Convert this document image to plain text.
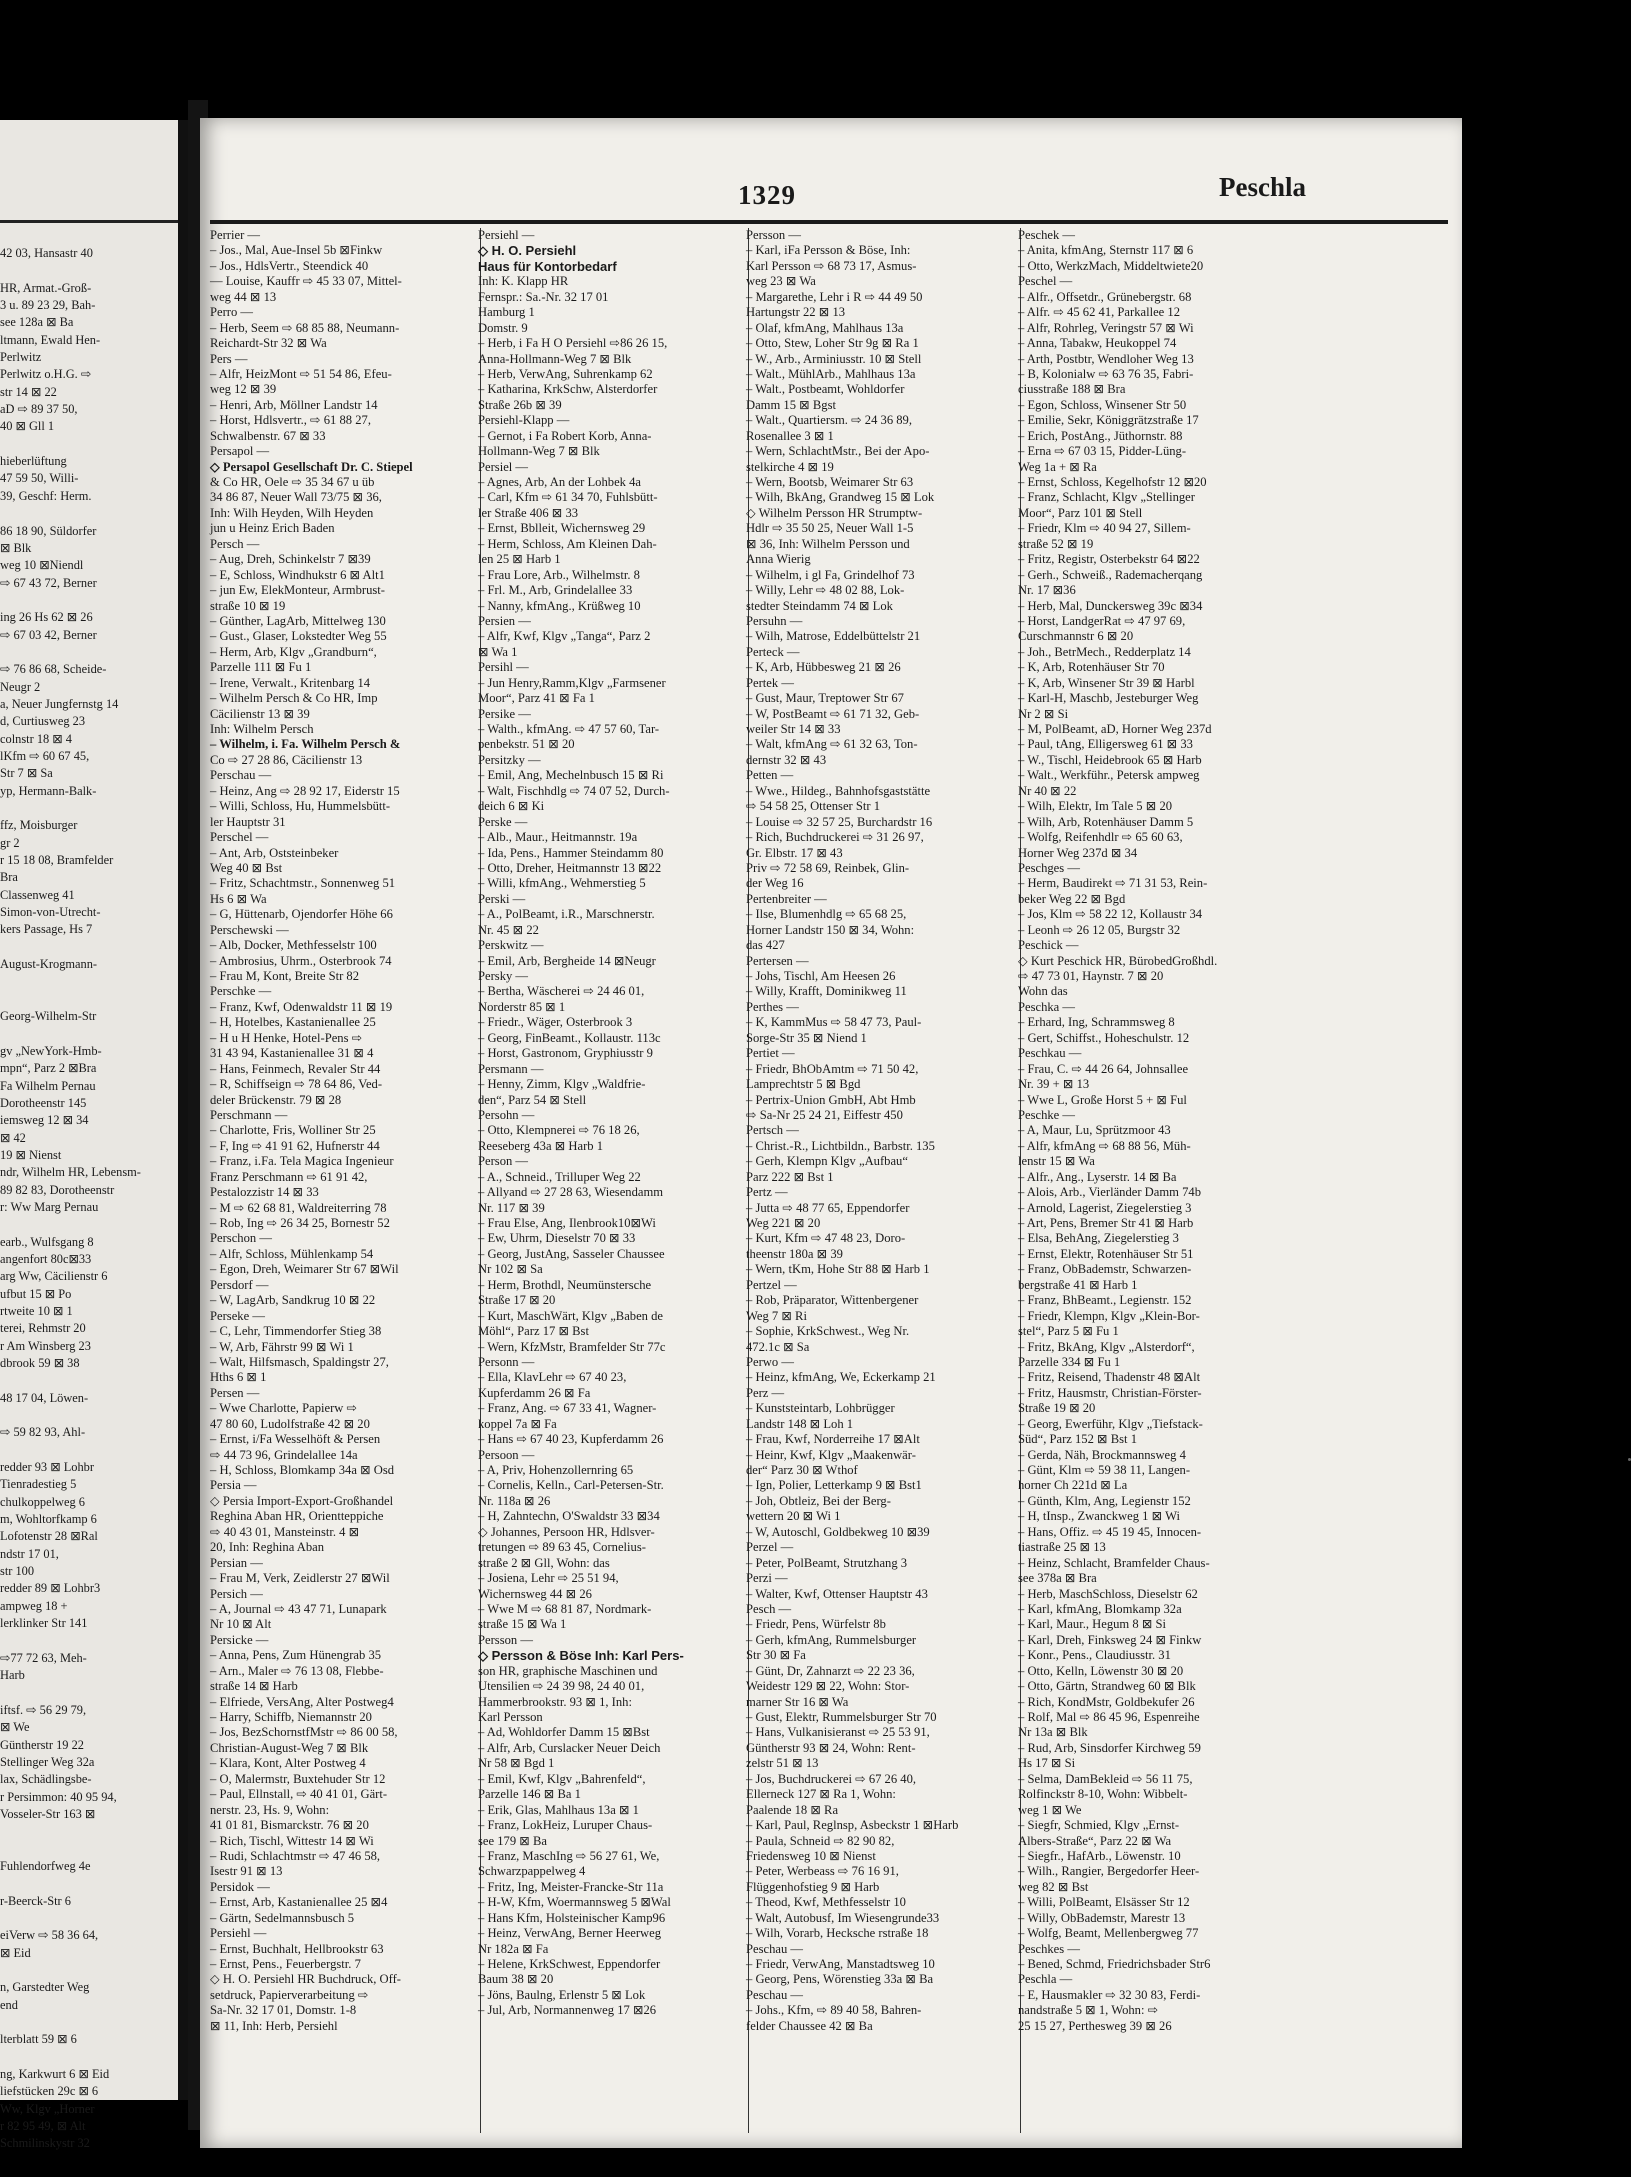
42 03, Hansastr 40
HR, Armat.-Groß-
3 u. 89 23 29, Bah-
see 128a ⊠ Ba
ltmann, Ewald Hen-
Perlwitz
Perlwitz o.H.G. ⇨
str 14 ⊠ 22
aD ⇨ 89 37 50,
40 ⊠ Gll 1
hieberlüftung
47 59 50, Willi-
39, Geschf: Herm.
86 18 90, Süldorfer
⊠ Blk
weg 10 ⊠Niendl
⇨ 67 43 72, Berner
ing 26 Hs 62 ⊠ 26
⇨ 67 03 42, Berner
⇨ 76 86 68, Scheide-
Neugr 2
a, Neuer Jungfernstg 14
d, Curtiusweg 23
colnstr 18 ⊠ 4
lKfm ⇨ 60 67 45,
Str 7 ⊠ Sa
yp, Hermann-Balk-
ffz, Moisburger
gr 2
r 15 18 08, Bramfelder
Bra
Classenweg 41
Simon-von-Utrecht-
kers Passage, Hs 7
August-Krogmann-
Georg-Wilhelm-Str
gv „NewYork-Hmb-
mpn“, Parz 2 ⊠Bra
Fa Wilhelm Pernau
Dorotheenstr 145
iemsweg 12 ⊠ 34
⊠ 42
19 ⊠ Nienst
ndr, Wilhelm HR, Lebensm-
89 82 83, Dorotheenstr
r: Ww Marg Pernau
earb., Wulfsgang 8
angenfort 80c⊠33
arg Ww, Cäcilienstr 6
ufbut 15 ⊠ Po
rtweite 10 ⊠ 1
terei, Rehmstr 20
r Am Winsberg 23
dbrook 59 ⊠ 38
48 17 04, Löwen-
⇨ 59 82 93, Ahl-
redder 93 ⊠ Lohbr
Tienradestieg 5
chulkoppelweg 6
m, Wohltorfkamp 6
Lofotenstr 28 ⊠Ral
ndstr 17 01,
str 100
redder 89 ⊠ Lohbr3
ampweg 18 +
lerklinker Str 141
⇨77 72 63, Meh-
Harb
iftsf. ⇨ 56 29 79,
⊠ We
Güntherstr 19 22
Stellinger Weg 32a
lax, Schädlingsbe-
r Persimmon: 40 95 94,
Vosseler-Str 163 ⊠
Fuhlendorfweg 4e
r-Beerck-Str 6
eiVerw ⇨ 58 36 64,
⊠ Eid
n, Garstedter Weg
end
lterblatt 59 ⊠ 6
ng, Karkwurt 6 ⊠ Eid
liefstücken 29c ⊠ 6
Ww, Klgv „Horner
r 82 95 49, ⊠ Alt
Schmilinskystr 32
1329	Peschla
Perrier —
– Jos., Mal, Aue-Insel 5b ⊠Finkw
– Jos., HdlsVertr., Steendick 40
— Louise, Kauffr ⇨ 45 33 07, Mittel-
weg 44 ⊠ 13
Perro —
– Herb, Seem ⇨ 68 85 88, Neumann-
Reichardt-Str 32 ⊠ Wa
Pers —
– Alfr, HeizMont ⇨ 51 54 86, Efeu-
weg 12 ⊠ 39
– Henri, Arb, Möllner Landstr 14
– Horst, Hdlsvertr., ⇨ 61 88 27,
Schwalbenstr. 67 ⊠ 33
Persapol —
◇ Persapol Gesellschaft Dr. C. Stiepel
& Co HR, Oele ⇨ 35 34 67 u üb
34 86 87, Neuer Wall 73/75 ⊠ 36,
Inh: Wilh Heyden, Wilh Heyden
jun u Heinz Erich Baden
Persch —
– Aug, Dreh, Schinkelstr 7 ⊠39
– E, Schloss, Windhukstr 6 ⊠ Alt1
– jun Ew, ElekMonteur, Armbrust-
straße 10 ⊠ 19
– Günther, LagArb, Mittelweg 130
– Gust., Glaser, Lokstedter Weg 55
– Herm, Arb, Klgv „Grandburn“,
Parzelle 111 ⊠ Fu 1
– Irene, Verwalt., Kritenbarg 14
– Wilhelm Persch & Co HR, Imp
Cäcilienstr 13 ⊠ 39
Inh: Wilhelm Persch
– Wilhelm, i. Fa. Wilhelm Persch &
Co ⇨ 27 28 86, Cäcilienstr 13
Perschau —
– Heinz, Ang ⇨ 28 92 17, Eiderstr 15
– Willi, Schloss, Hu, Hummelsbütt-
ler Hauptstr 31
Perschel —
– Ant, Arb, Oststeinbeker
Weg 40 ⊠ Bst
– Fritz, Schachtmstr., Sonnenweg 51
Hs 6 ⊠ Wa
– G, Hüttenarb, Ojendorfer Höhe 66
Perschewski —
– Alb, Docker, Methfesselstr 100
– Ambrosius, Uhrm., Osterbrook 74
– Frau M, Kont, Breite Str 82
Perschke —
– Franz, Kwf, Odenwaldstr 11 ⊠ 19
– H, Hotelbes, Kastanienallee 25
– H u H Henke, Hotel-Pens ⇨
31 43 94, Kastanienallee 31 ⊠ 4
– Hans, Feinmech, Revaler Str 44
– R, Schiffseign ⇨ 78 64 86, Ved-
deler Brückenstr. 79 ⊠ 28
Perschmann —
– Charlotte, Fris, Wolliner Str 25
– F, Ing ⇨ 41 91 62, Hufnerstr 44
– Franz, i.Fa. Tela Magica Ingenieur
Franz Perschmann ⇨ 61 91 42,
Pestalozzistr 14 ⊠ 33
– M ⇨ 62 68 81, Waldreiterring 78
– Rob, Ing ⇨ 26 34 25, Bornestr 52
Perschon —
– Alfr, Schloss, Mühlenkamp 54
– Egon, Dreh, Weimarer Str 67 ⊠Wil
Persdorf —
– W, LagArb, Sandkrug 10 ⊠ 22
Perseke —
– C, Lehr, Timmendorfer Stieg 38
– W, Arb, Fährstr 99 ⊠ Wi 1
– Walt, Hilfsmasch, Spaldingstr 27,
Hths 6 ⊠ 1
Persen —
– Wwe Charlotte, Papierw ⇨
47 80 60, Ludolfstraße 42 ⊠ 20
– Ernst, i/Fa Wesselhöft & Persen
⇨ 44 73 96, Grindelallee 14a
– H, Schloss, Blomkamp 34a ⊠ Osd
Persia —
◇ Persia Import-Export-Großhandel
Reghina Aban HR, Orientteppiche
⇨ 40 43 01, Mansteinstr. 4 ⊠
20, Inh: Reghina Aban
Persian —
– Frau M, Verk, Zeidlerstr 27 ⊠Wil
Persich —
– A, Journal ⇨ 43 47 71, Lunapark
Nr 10 ⊠ Alt
Persicke —
– Anna, Pens, Zum Hünengrab 35
– Arn., Maler ⇨ 76 13 08, Flebbe-
straße 14 ⊠ Harb
– Elfriede, VersAng, Alter Postweg4
– Harry, Schiffb, Niemannstr 20
– Jos, BezSchornstfMstr ⇨ 86 00 58,
Christian-August-Weg 7 ⊠ Blk
– Klara, Kont, Alter Postweg 4
– O, Malermstr, Buxtehuder Str 12
– Paul, Ellnstall, ⇨ 40 41 01, Gärt-
nerstr. 23, Hs. 9, Wohn:
41 01 81, Bismarckstr. 76 ⊠ 20
– Rich, Tischl, Wittestr 14 ⊠ Wi
– Rudi, Schlachtmstr ⇨ 47 46 58,
Isestr 91 ⊠ 13
Persidok —
– Ernst, Arb, Kastanienallee 25 ⊠4
– Gärtn, Sedelmannsbusch 5
Persiehl —
– Ernst, Buchhalt, Hellbrookstr 63
– Ernst, Pens., Feuerbergstr. 7
◇ H. O. Persiehl HR Buchdruck, Off-
setdruck, Papierverarbeitung ⇨
Sa-Nr. 32 17 01, Domstr. 1-8
⊠ 11, Inh: Herb, Persiehl
Persiehl —
◇ H. O. Persiehl
Haus für Kontorbedarf
Inh: K. Klapp HR
Fernspr.: Sa.-Nr. 32 17 01
Hamburg 1
Domstr. 9
– Herb, i Fa H O Persiehl ⇨86 26 15,
Anna-Hollmann-Weg 7 ⊠ Blk
– Herb, VerwAng, Suhrenkamp 62
– Katharina, KrkSchw, Alsterdorfer
Straße 26b ⊠ 39
Persiehl-Klapp —
– Gernot, i Fa Robert Korb, Anna-
Hollmann-Weg 7 ⊠ Blk
Persiel —
– Agnes, Arb, An der Lohbek 4a
– Carl, Kfm ⇨ 61 34 70, Fuhlsbütt-
ler Straße 406 ⊠ 33
– Ernst, Bblleit, Wichernsweg 29
– Herm, Schloss, Am Kleinen Dah-
len 25 ⊠ Harb 1
– Frau Lore, Arb., Wilhelmstr. 8
– Frl. M., Arb, Grindelallee 33
– Nanny, kfmAng., Krüßweg 10
Persien —
– Alfr, Kwf, Klgv „Tanga“, Parz 2
⊠ Wa 1
Persihl —
– Jun Henry,Ramm,Klgv „Farmsener
Moor“, Parz 41 ⊠ Fa 1
Persike —
– Walth., kfmAng. ⇨ 47 57 60, Tar-
penbekstr. 51 ⊠ 20
Persitzky —
– Emil, Ang, Mechelnbusch 15 ⊠ Ri
– Walt, Fischhdlg ⇨ 74 07 52, Durch-
deich 6 ⊠ Ki
Perske —
– Alb., Maur., Heitmannstr. 19a
– Ida, Pens., Hammer Steindamm 80
– Otto, Dreher, Heitmannstr 13 ⊠22
– Willi, kfmAng., Wehmerstieg 5
Perski —
– A., PolBeamt, i.R., Marschnerstr.
Nr. 45 ⊠ 22
Perskwitz —
– Emil, Arb, Bergheide 14 ⊠Neugr
Persky —
– Bertha, Wäscherei ⇨ 24 46 01,
Norderstr 85 ⊠ 1
– Friedr., Wäger, Osterbrook 3
– Georg, FinBeamt., Kollaustr. 113c
– Horst, Gastronom, Gryphiusstr 9
Persmann —
– Henny, Zimm, Klgv „Waldfrie-
den“, Parz 54 ⊠ Stell
Persohn —
– Otto, Klempnerei ⇨ 76 18 26,
Reeseberg 43a ⊠ Harb 1
Person —
– A., Schneid., Trilluper Weg 22
– Allyand ⇨ 27 28 63, Wiesendamm
Nr. 117 ⊠ 39
– Frau Else, Ang, Ilenbrook10⊠Wi
– Ew, Uhrm, Dieselstr 70 ⊠ 33
– Georg, JustAng, Sasseler Chaussee
Nr 102 ⊠ Sa
– Herm, Brothdl, Neumünstersche
Straße 17 ⊠ 20
– Kurt, MaschWärt, Klgv „Baben de
Möhl“, Parz 17 ⊠ Bst
– Wern, KfzMstr, Bramfelder Str 77c
Personn —
– Ella, KlavLehr ⇨ 67 40 23,
Kupferdamm 26 ⊠ Fa
– Franz, Ang. ⇨ 67 33 41, Wagner-
koppel 7a ⊠ Fa
– Hans ⇨ 67 40 23, Kupferdamm 26
Persoon —
– A, Priv, Hohenzollernring 65
– Cornelis, Kelln., Carl-Petersen-Str.
Nr. 118a ⊠ 26
– H, Zahntechn, O'Swaldstr 33 ⊠34
◇ Johannes, Persoon HR, Hdlsver-
tretungen ⇨ 89 63 45, Cornelius-
straße 2 ⊠ Gll, Wohn: das
– Josiena, Lehr ⇨ 25 51 94,
Wichernsweg 44 ⊠ 26
– Wwe M ⇨ 68 81 87, Nordmark-
straße 15 ⊠ Wa 1
Persson —
◇ Persson & Böse Inh: Karl Pers-
son HR, graphische Maschinen und
Utensilien ⇨ 24 39 98, 24 40 01,
Hammerbrookstr. 93 ⊠ 1, Inh:
Karl Persson
– Ad, Wohldorfer Damm 15 ⊠Bst
– Alfr, Arb, Curslacker Neuer Deich
Nr 58 ⊠ Bgd 1
– Emil, Kwf, Klgv „Bahrenfeld“,
Parzelle 146 ⊠ Ba 1
– Erik, Glas, Mahlhaus 13a ⊠ 1
– Franz, LokHeiz, Luruper Chaus-
see 179 ⊠ Ba
– Franz, MaschIng ⇨ 56 27 61, We,
Schwarzpappelweg 4
– Fritz, Ing, Meister-Francke-Str 11a
– H-W, Kfm, Woermannsweg 5 ⊠Wal
– Hans Kfm, Holsteinischer Kamp96
– Heinz, VerwAng, Berner Heerweg
Nr 182a ⊠ Fa
– Helene, KrkSchwest, Eppendorfer
Baum 38 ⊠ 20
– Jöns, Baulng, Erlenstr 5 ⊠ Lok
– Jul, Arb, Normannenweg 17 ⊠26
Persson —
– Karl, iFa Persson & Böse, Inh:
Karl Persson ⇨ 68 73 17, Asmus-
weg 23 ⊠ Wa
– Margarethe, Lehr i R ⇨ 44 49 50
Hartungstr 22 ⊠ 13
– Olaf, kfmAng, Mahlhaus 13a
– Otto, Stew, Loher Str 9g ⊠ Ra 1
– W., Arb., Arminiusstr. 10 ⊠ Stell
– Walt., MühlArb., Mahlhaus 13a
– Walt., Postbeamt, Wohldorfer
Damm 15 ⊠ Bgst
– Walt., Quartiersm. ⇨ 24 36 89,
Rosenallee 3 ⊠ 1
– Wern, SchlachtMstr., Bei der Apo-
stelkirche 4 ⊠ 19
– Wern, Bootsb, Weimarer Str 63
– Wilh, BkAng, Grandweg 15 ⊠ Lok
◇ Wilhelm Persson HR Strumptw-
Hdlr ⇨ 35 50 25, Neuer Wall 1-5
⊠ 36, Inh: Wilhelm Persson und
Anna Wierig
– Wilhelm, i gl Fa, Grindelhof 73
– Willy, Lehr ⇨ 48 02 88, Lok-
stedter Steindamm 74 ⊠ Lok
Persuhn —
– Wilh, Matrose, Eddelbüttelstr 21
Perteck —
– K, Arb, Hübbesweg 21 ⊠ 26
Pertek —
– Gust, Maur, Treptower Str 67
– W, PostBeamt ⇨ 61 71 32, Geb-
weiler Str 14 ⊠ 33
– Walt, kfmAng ⇨ 61 32 63, Ton-
dernstr 32 ⊠ 43
Petten —
– Wwe., Hildeg., Bahnhofsgaststätte
⇨ 54 58 25, Ottenser Str 1
– Louise ⇨ 32 57 25, Burchardstr 16
– Rich, Buchdruckerei ⇨ 31 26 97,
Gr. Elbstr. 17 ⊠ 43
Priv ⇨ 72 58 69, Reinbek, Glin-
der Weg 16
Pertenbreiter —
– Ilse, Blumenhdlg ⇨ 65 68 25,
Horner Landstr 150 ⊠ 34, Wohn:
das 427
Pertersen —
– Johs, Tischl, Am Heesen 26
– Willy, Krafft, Dominikweg 11
Perthes —
– K, KammMus ⇨ 58 47 73, Paul-
Sorge-Str 35 ⊠ Niend 1
Pertiet —
– Friedr, BhObAmtm ⇨ 71 50 42,
Lamprechtstr 5 ⊠ Bgd
– Pertrix-Union GmbH, Abt Hmb
⇨ Sa-Nr 25 24 21, Eiffestr 450
Pertsch —
– Christ.-R., Lichtbildn., Barbstr. 135
– Gerh, Klempn Klgv „Aufbau“
Parz 222 ⊠ Bst 1
Pertz —
– Jutta ⇨ 48 77 65, Eppendorfer
Weg 221 ⊠ 20
– Kurt, Kfm ⇨ 47 48 23, Doro-
theenstr 180a ⊠ 39
– Wern, tKm, Hohe Str 88 ⊠ Harb 1
Pertzel —
– Rob, Präparator, Wittenbergener
Weg 7 ⊠ Ri
– Sophie, KrkSchwest., Weg Nr.
472.1c ⊠ Sa
Perwo —
– Heinz, kfmAng, We, Eckerkamp 21
Perz —
– Kunststeintarb, Lohbrügger
Landstr 148 ⊠ Loh 1
– Frau, Kwf, Norderreihe 17 ⊠Alt
– Heinr, Kwf, Klgv „Maakenwär-
der“ Parz 30 ⊠ Wthof
– Ign, Polier, Letterkamp 9 ⊠ Bst1
– Joh, Obtleiz, Bei der Berg-
wettern 20 ⊠ Wi 1
– W, Autoschl, Goldbekweg 10 ⊠39
Perzel —
– Peter, PolBeamt, Strutzhang 3
Perzi —
– Walter, Kwf, Ottenser Hauptstr 43
Pesch —
– Friedr, Pens, Würfelstr 8b
– Gerh, kfmAng, Rummelsburger
Str 30 ⊠ Fa
– Günt, Dr, Zahnarzt ⇨ 22 23 36,
Weidestr 129 ⊠ 22, Wohn: Stor-
marner Str 16 ⊠ Wa
– Gust, Elektr, Rummelsburger Str 70
– Hans, Vulkanisieranst ⇨ 25 53 91,
Güntherstr 93 ⊠ 24, Wohn: Rent-
zelstr 51 ⊠ 13
– Jos, Buchdruckerei ⇨ 67 26 40,
Ellerneck 127 ⊠ Ra 1, Wohn:
Paalende 18 ⊠ Ra
– Karl, Paul, Reglnsp, Asbeckstr 1 ⊠Harb
– Paula, Schneid ⇨ 82 90 82,
Friedensweg 10 ⊠ Nienst
– Peter, Werbeass ⇨ 76 16 91,
Flüggenhofstieg 9 ⊠ Harb
– Theod, Kwf, Methfesselstr 10
– Walt, Autobusf, Im Wiesengrunde33
– Wilh, Vorarb, Hecksche rstraße 18
Peschau —
– Friedr, VerwAng, Manstadtsweg 10
– Georg, Pens, Wörenstieg 33a ⊠ Ba
Peschau —
– Johs., Kfm, ⇨ 89 40 58, Bahren-
felder Chaussee 42 ⊠ Ba
Peschek —
– Anita, kfmAng, Sternstr 117 ⊠ 6
– Otto, WerkzMach, Middeltwiete20
Peschel —
– Alfr., Offsetdr., Grünebergstr. 68
– Alfr. ⇨ 45 62 41, Parkallee 12
– Alfr, Rohrleg, Veringstr 57 ⊠ Wi
– Anna, Tabakw, Heukoppel 74
– Arth, Postbtr, Wendloher Weg 13
– B, Kolonialw ⇨ 63 76 35, Fabri-
ciusstraße 188 ⊠ Bra
– Egon, Schloss, Winsener Str 50
– Emilie, Sekr, Königgrätzstraße 17
– Erich, PostAng., Jüthornstr. 88
– Erna ⇨ 67 03 15, Pidder-Lüng-
Weg 1a + ⊠ Ra
– Ernst, Schloss, Kegelhofstr 12 ⊠20
– Franz, Schlacht, Klgv „Stellinger
Moor“, Parz 101 ⊠ Stell
– Friedr, Klm ⇨ 40 94 27, Sillem-
straße 52 ⊠ 19
– Fritz, Registr, Osterbekstr 64 ⊠22
– Gerh., Schweiß., Rademacherqang
Nr. 17 ⊠36
– Herb, Mal, Dunckersweg 39c ⊠34
– Horst, LandgerRat ⇨ 47 97 69,
Curschmannstr 6 ⊠ 20
– Joh., BetrMech., Redderplatz 14
– K, Arb, Rotenhäuser Str 70
– K, Arb, Winsener Str 39 ⊠ Harbl
– Karl-H, Maschb, Jesteburger Weg
Nr 2 ⊠ Si
– M, PolBeamt, aD, Horner Weg 237d
– Paul, tAng, Elligersweg 61 ⊠ 33
– W., Tischl, Heidebrook 65 ⊠ Harb
– Walt., Werkführ., Petersk ampweg
Nr 40 ⊠ 22
– Wilh, Elektr, Im Tale 5 ⊠ 20
– Wilh, Arb, Rotenhäuser Damm 5
– Wolfg, Reifenhdlr ⇨ 65 60 63,
Horner Weg 237d ⊠ 34
Peschges —
– Herm, Baudirekt ⇨ 71 31 53, Rein-
beker Weg 22 ⊠ Bgd
– Jos, Klm ⇨ 58 22 12, Kollaustr 34
– Leonh ⇨ 26 12 05, Burgstr 32
Peschick —
◇ Kurt Peschick HR, BürobedGroßhdl.
⇨ 47 73 01, Haynstr. 7 ⊠ 20
Wohn das
Peschka —
– Erhard, Ing, Schrammsweg 8
– Gert, Schiffst., Hoheschulstr. 12
Peschkau —
– Frau, C. ⇨ 44 26 64, Johnsallee
Nr. 39 + ⊠ 13
– Wwe L, Große Horst 5 + ⊠ Ful
Peschke —
– A, Maur, Lu, Sprützmoor 43
– Alfr, kfmAng ⇨ 68 88 56, Müh-
lenstr 15 ⊠ Wa
– Alfr., Ang., Lyserstr. 14 ⊠ Ba
– Alois, Arb., Vierländer Damm 74b
– Arnold, Lagerist, Ziegelerstieg 3
– Art, Pens, Bremer Str 41 ⊠ Harb
– Elsa, BehAng, Ziegelerstieg 3
– Ernst, Elektr, Rotenhäuser Str 51
– Franz, ObBademstr, Schwarzen-
bergstraße 41 ⊠ Harb 1
– Franz, BhBeamt., Legienstr. 152
– Friedr, Klempn, Klgv „Klein-Bor-
stel“, Parz 5 ⊠ Fu 1
– Fritz, BkAng, Klgv „Alsterdorf“,
Parzelle 334 ⊠ Fu 1
– Fritz, Reisend, Thadenstr 48 ⊠Alt
– Fritz, Hausmstr, Christian-Förster-
Straße 19 ⊠ 20
– Georg, Ewerführ, Klgv „Tiefstack-
Süd“, Parz 152 ⊠ Bst 1
– Gerda, Näh, Brockmannsweg 4
– Günt, Klm ⇨ 59 38 11, Langen-
horner Ch 221d ⊠ La
– Günth, Klm, Ang, Legienstr 152
– H, tInsp., Zwanckweg 1 ⊠ Wi
– Hans, Offiz. ⇨ 45 19 45, Innocen-
tiastraße 25 ⊠ 13
– Heinz, Schlacht, Bramfelder Chaus-
see 378a ⊠ Bra
– Herb, MaschSchloss, Dieselstr 62
– Karl, kfmAng, Blomkamp 32a
– Karl, Maur., Hegum 8 ⊠ Si
– Karl, Dreh, Finksweg 24 ⊠ Finkw
– Konr., Pens., Claudiusstr. 31
– Otto, Kelln, Löwenstr 30 ⊠ 20
– Otto, Gärtn, Strandweg 60 ⊠ Blk
– Rich, KondMstr, Goldbekufer 26
– Rolf, Mal ⇨ 86 45 96, Espenreihe
Nr 13a ⊠ Blk
– Rud, Arb, Sinsdorfer Kirchweg 59
Hs 17 ⊠ Si
– Selma, DamBekleid ⇨ 56 11 75,
Rolfinckstr 8-10, Wohn: Wibbelt-
weg 1 ⊠ We
– Siegfr, Schmied, Klgv „Ernst-
Albers-Straße“, Parz 22 ⊠ Wa
– Siegfr., HafArb., Löwenstr. 10
– Wilh., Rangier, Bergedorfer Heer-
weg 82 ⊠ Bst
– Willi, PolBeamt, Elsässer Str 12
– Willy, ObBademstr, Marestr 13
– Wolfg, Beamt, Mellenbergweg 77
Peschkes —
– Bened, Schmd, Friedrichsbader Str6
Peschla —
– E, Hausmakler ⇨ 32 30 83, Ferdi-
nandstraße 5 ⊠ 1, Wohn: ⇨
25 15 27, Perthesweg 39 ⊠ 26
